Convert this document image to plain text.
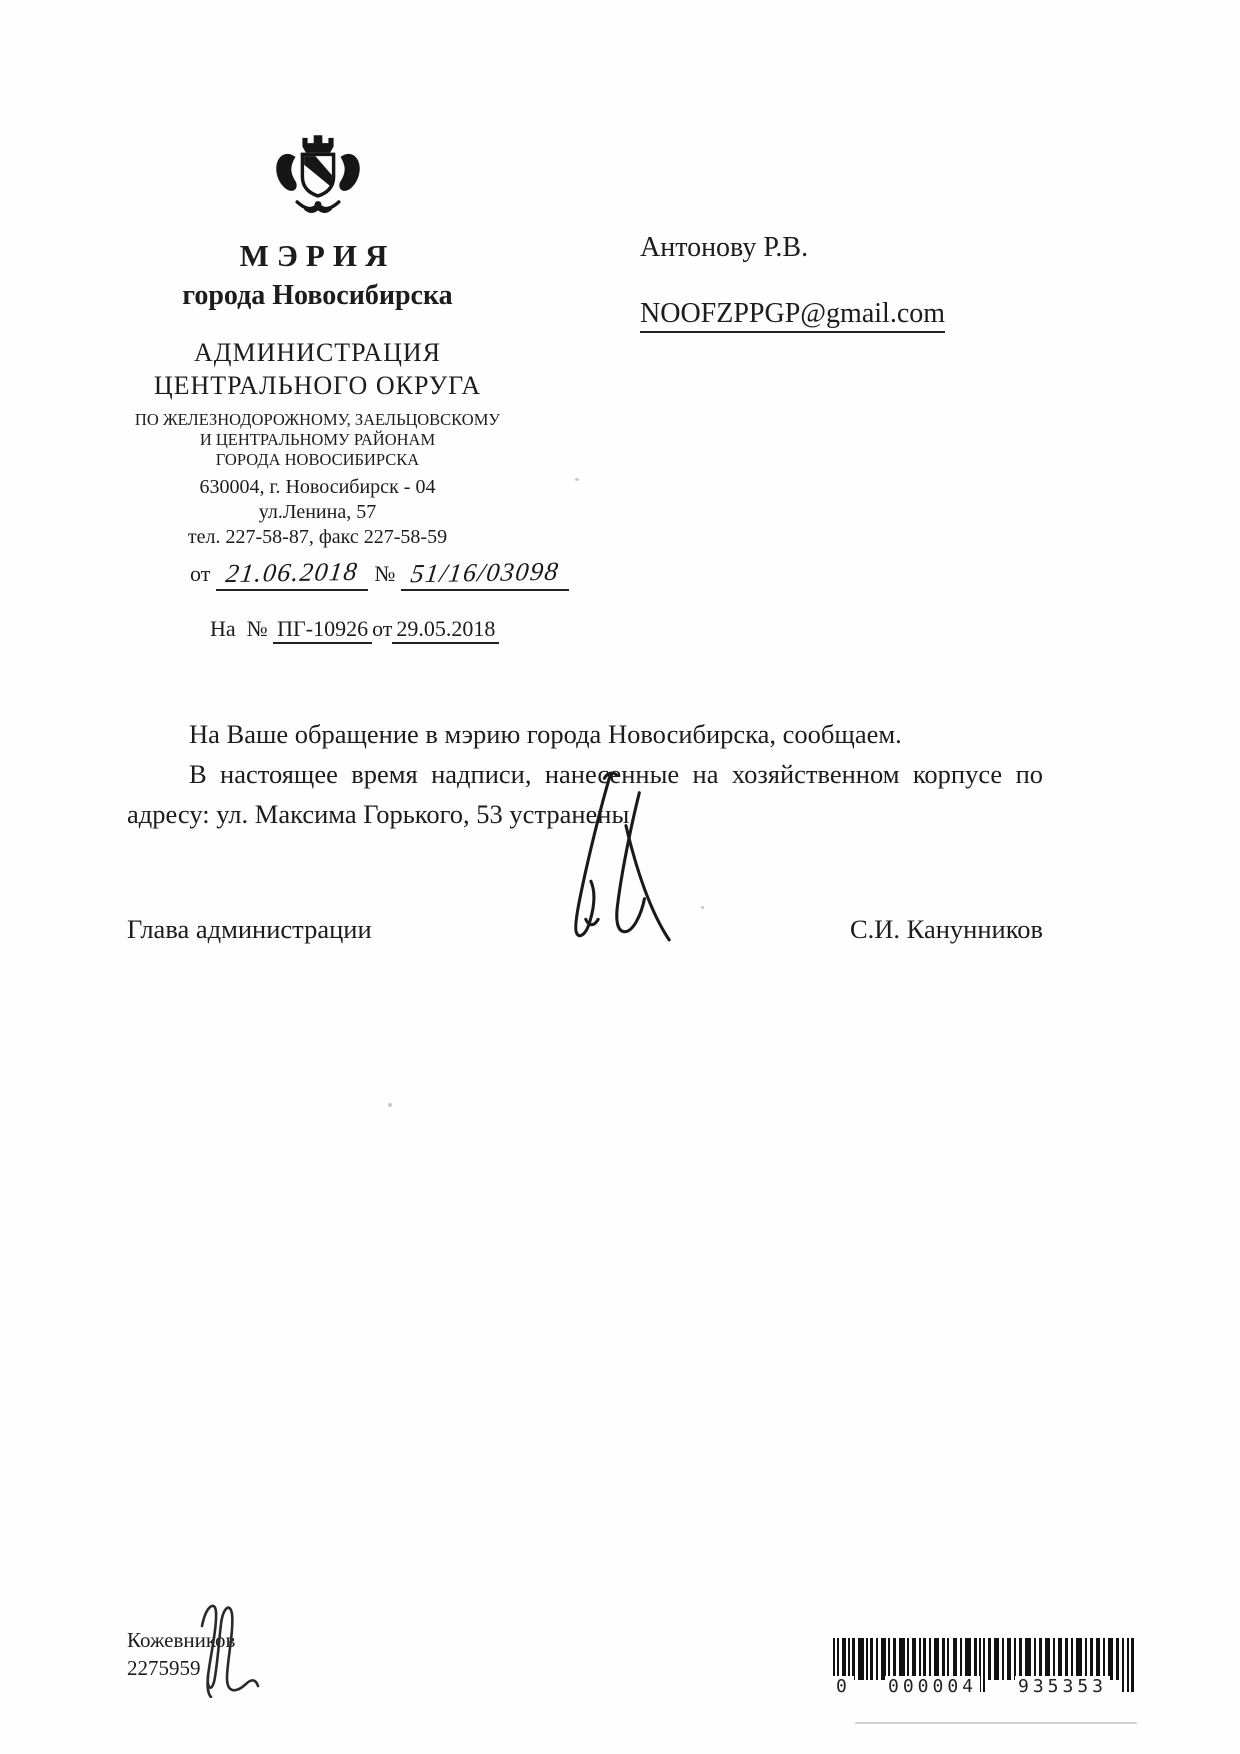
МЭРИЯ
города Новосибирска
АДМИНИСТРАЦИЯ
ЦЕНТРАЛЬНОГО ОКРУГА
ПО ЖЕЛЕЗНОДОРОЖНОМУ, ЗАЕЛЬЦОВСКОМУ
И ЦЕНТРАЛЬНОМУ РАЙОНАМ
ГОРОДА НОВОСИБИРСКА
630004, г. Новосибирск - 04
ул.Ленина, 57
тел. 227-58-87, факс 227-58-59
от 21.06.2018 № 51/16/03098
На № ПГ-10926 от 29.05.2018
Антонову Р.В.
NOOFZPPGP@gmail.com

На Ваше обращение в мэрию города Новосибирска, сообщаем.

В настоящее время надписи, нанесенные на хозяйственном корпусе по адресу: ул. Максима Горького, 53 устранены.

Глава администрации	С.И. Канунников
Кожевников
2275959
0 000004 935353
